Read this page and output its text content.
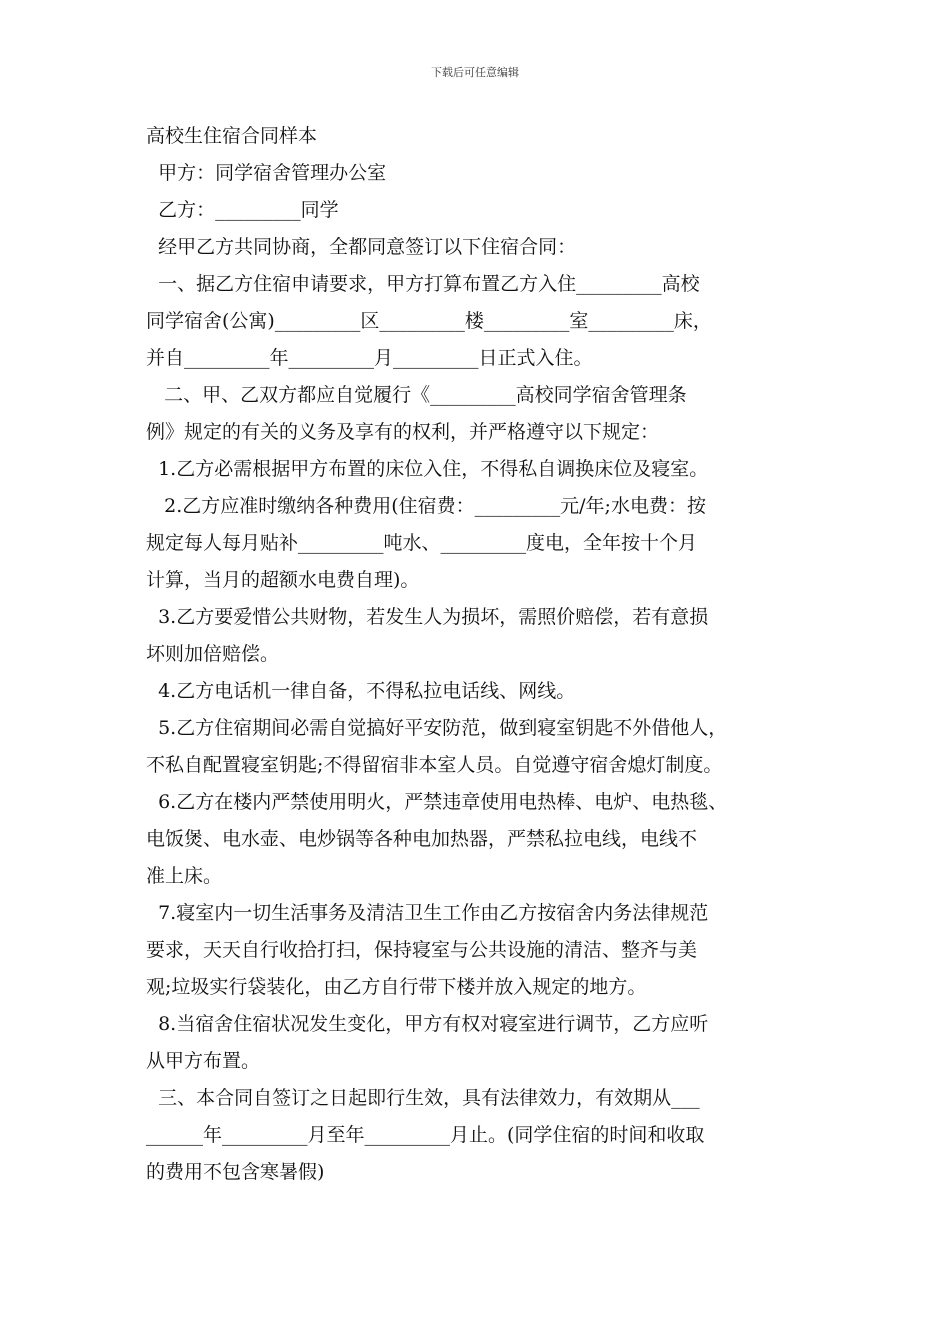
下载后可任意编辑
高校生住宿合同样本
甲方：同学宿舍管理办公室
乙方：_________同学
经甲乙方共同协商，全都同意签订以下住宿合同：
一、据乙方住宿申请要求，甲方打算布置乙方入住_________高校
同学宿舍(公寓)_________区_________楼_________室_________床，
并自_________年_________月_________日正式入住。
二、甲、乙双方都应自觉履行《_________高校同学宿舍管理条
例》规定的有关的义务及享有的权利，并严格遵守以下规定：
1.乙方必需根据甲方布置的床位入住，不得私自调换床位及寝室。
2.乙方应准时缴纳各种费用(住宿费：_________元/年;水电费：按
规定每人每月贴补_________吨水、_________度电，全年按十个月
计算，当月的超额水电费自理)。
3.乙方要爱惜公共财物，若发生人为损坏，需照价赔偿，若有意损
坏则加倍赔偿。
4.乙方电话机一律自备，不得私拉电话线、网线。
5.乙方住宿期间必需自觉搞好平安防范，做到寝室钥匙不外借他人，
不私自配置寝室钥匙;不得留宿非本室人员。自觉遵守宿舍熄灯制度。
6.乙方在楼内严禁使用明火，严禁违章使用电热棒、电炉、电热毯、
电饭煲、电水壶、电炒锅等各种电加热器，严禁私拉电线，电线不
准上床。
7.寝室内一切生活事务及清洁卫生工作由乙方按宿舍内务法律规范
要求，天天自行收拾打扫，保持寝室与公共设施的清洁、整齐与美
观;垃圾实行袋装化，由乙方自行带下楼并放入规定的地方。
8.当宿舍住宿状况发生变化，甲方有权对寝室进行调节，乙方应听
从甲方布置。
三、本合同自签订之日起即行生效，具有法律效力，有效期从___
______年_________月至年_________月止。(同学住宿的时间和收取
的费用不包含寒暑假)
